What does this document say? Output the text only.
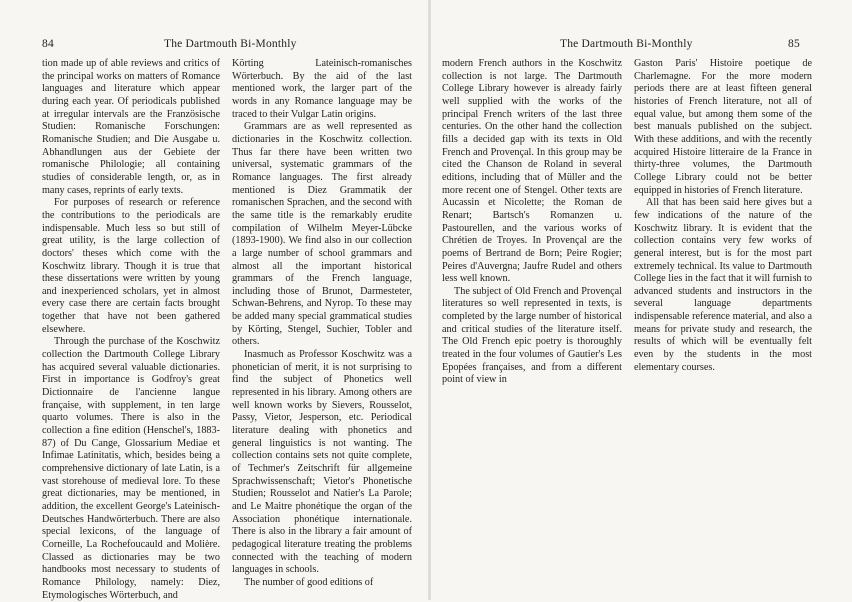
84	The Dartmouth Bi-Monthly

tion made up of able reviews and critics of the principal works on matters of Romance languages and literature which appear during each year. Of periodicals published at irregular intervals are the Französische Studien: Romanische Forschungen: Romanische Studien; and Die Ausgabe u. Abhandlungen aus der Gebiete der romanische Philologie; all containing studies of considerable length, or, as in many cases, reprints of early texts.

For purposes of research or reference the contributions to the periodicals are indispensable. Much less so but still of great utility, is the large collection of doctors' theses which come with the Koschwitz library. Though it is true that these dissertations were written by young and inexperienced scholars, yet in almost every case there are certain facts brought together that have not been gathered elsewhere.

Through the purchase of the Koschwitz collection the Dartmouth College Library has acquired several valuable dictionaries. First in importance is Godfroy's great Dictionnaire de l'ancienne langue française, with supplement, in ten large quarto volumes. There is also in the collection a fine edition (Henschel's, 1883-87) of Du Cange, Glossarium Mediae et Infimae Latinitatis, which, besides being a comprehensive dictionary of late Latin, is a vast storehouse of medieval lore. To these great dictionaries, may be mentioned, in addition, the excellent George's Lateinisch-Deutsches Handwörterbuch. There are also special lexicons, of the language of Corneille, La Rochefoucauld and Molière. Classed as dictionaries may be two handbooks most necessary to students of Romance Philology, namely: Diez, Etymologisches Wörterbuch, and

Körting Lateinisch-romanisches Wörterbuch. By the aid of the last mentioned work, the larger part of the words in any Romance language may be traced to their Vulgar Latin origins.

Grammars are as well represented as dictionaries in the Koschwitz collection. Thus far there have been written two universal, systematic grammars of the Romance languages. The first already mentioned is Diez Grammatik der romanischen Sprachen, and the second with the same title is the remarkably erudite compilation of Wilhelm Meyer-Lübcke (1893-1900). We find also in our collection a large number of school grammars and almost all the important historical grammars of the French language, including those of Brunot, Darmesteter, Schwan-Behrens, and Nyrop. To these may be added many special grammatical studies by Körting, Stengel, Suchier, Tobler and others.

Inasmuch as Professor Koschwitz was a phonetician of merit, it is not surprising to find the subject of Phonetics well represented in his library. Among others are well known works by Sievers, Rousselot, Passy, Vietor, Jesperson, etc. Periodical literature dealing with phonetics and general linguistics is not wanting. The collection contains sets not quite complete, of Techmer's Zeitschrift für allgemeine Sprachwissenschaft; Vietor's Phonetische Studien; Rousselot and Natier's La Parole; and Le Maitre phonétique the organ of the Association phonétique internationale. There is also in the library a fair amount of pedagogical literature treating the problems connected with the teaching of modern languages in schools.

The number of good editions of

The Dartmouth Bi-Monthly	85

modern French authors in the Koschwitz collection is not large. The Dartmouth College Library however is already fairly well supplied with the works of the principal French writers of the last three centuries. On the other hand the collection fills a decided gap with its texts in Old French and Provençal. In this group may be cited the Chanson de Roland in several editions, including that of Müller and the more recent one of Stengel. Other texts are Aucassin et Nicolette; the Roman de Renart; Bartsch's Romanzen u. Pastourellen, and the various works of Chrétien de Troyes. In Provençal are the poems of Bertrand de Born; Peire Rogier; Peires d'Auvergna; Jaufre Rudel and others less well known.

The subject of Old French and Provençal literatures so well represented in texts, is completed by the large number of historical and critical studies of the literature itself. The Old French epic poetry is thoroughly treated in the four volumes of Gautier's Les Epopées françaises, and from a different point of view in

Gaston Paris' Histoire poetique de Charlemagne. For the more modern periods there are at least fifteen general histories of French literature, not all of equal value, but among them some of the best manuals published on the subject. With these additions, and with the recently acquired Histoire litteraire de la France in thirty-three volumes, the Dartmouth College Library could not be better equipped in histories of French literature.

All that has been said here gives but a few indications of the nature of the Koschwitz library. It is evident that the collection contains very few works of general interest, but is for the most part extremely technical. Its value to Dartmouth College lies in the fact that it will furnish to advanced students and instructors in the several language departments indispensable reference material, and also a means for private study and research, the results of which will be eventually felt even by the students in the most elementary courses.
